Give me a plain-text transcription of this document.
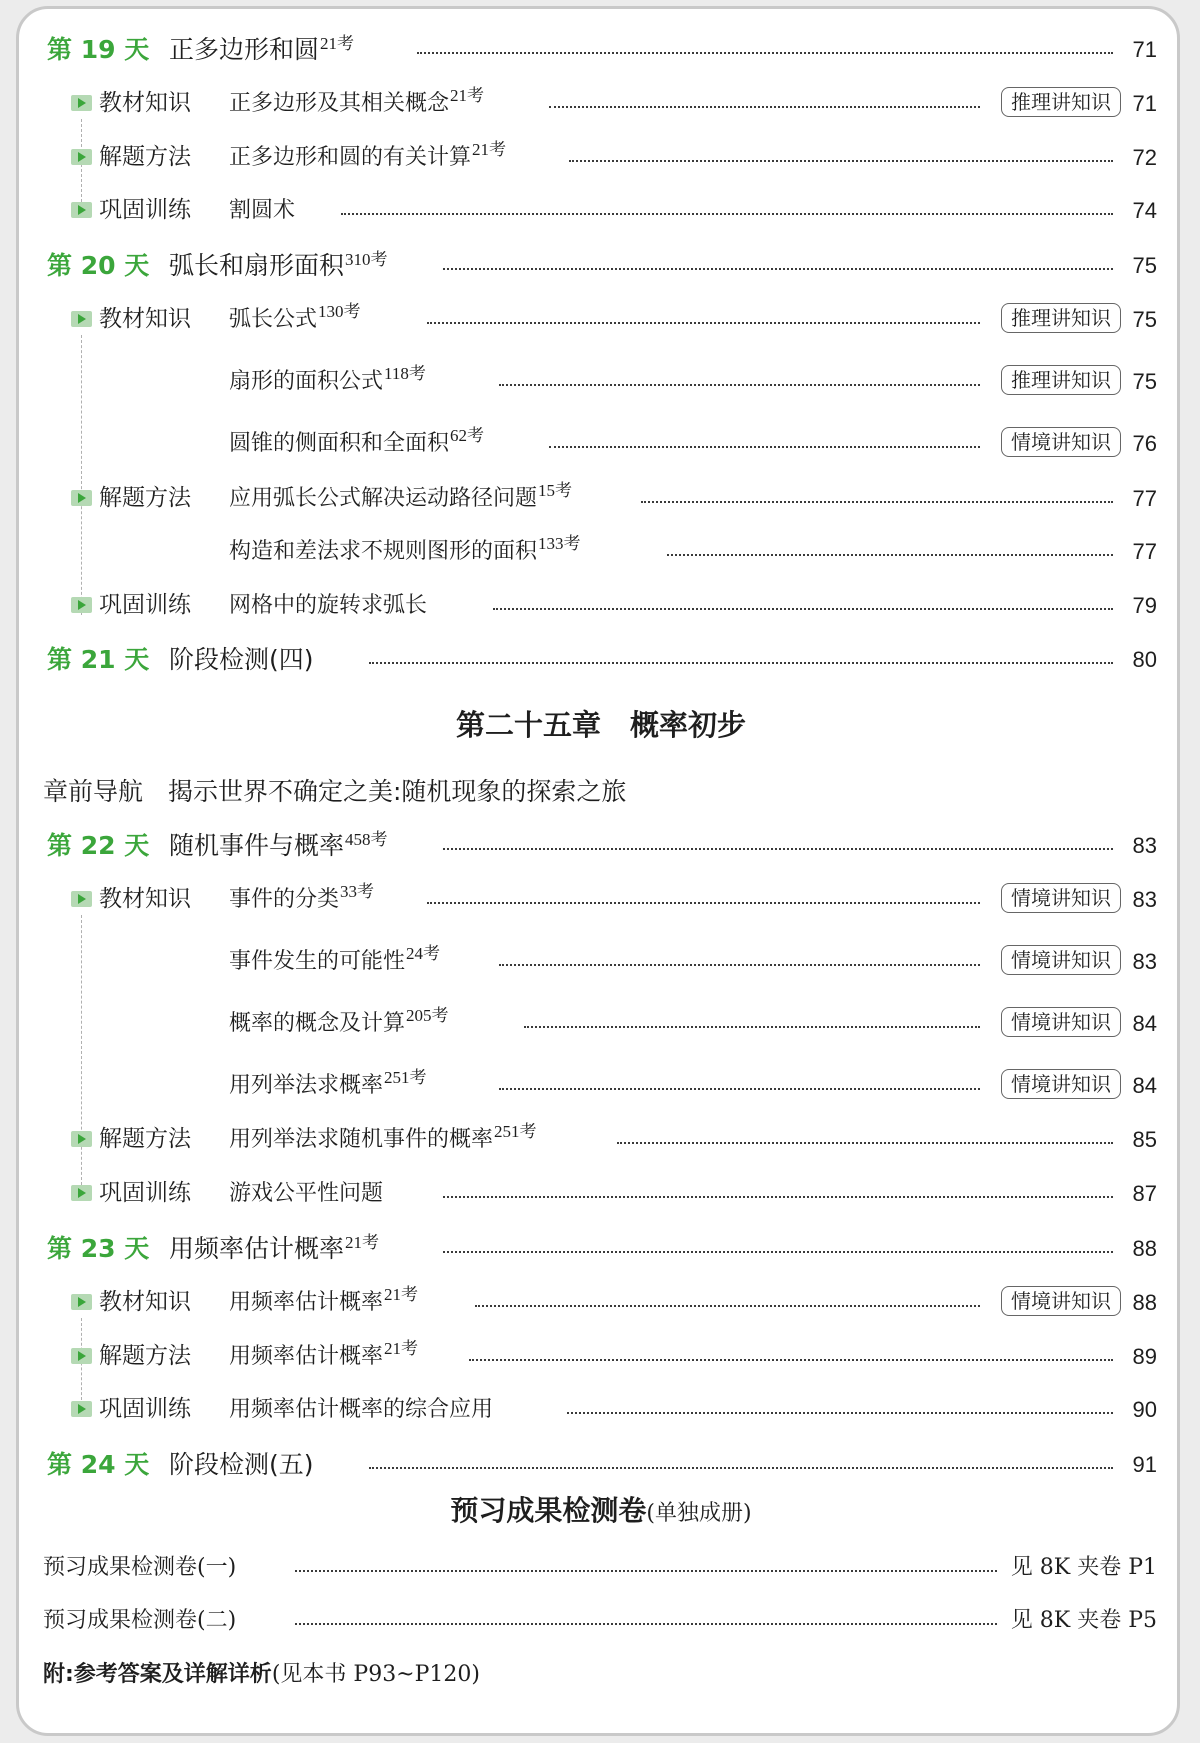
第 19 天 正多边形和圆$^{21考}$	71
教材知识 正多边形及其相关概念$^{21考}$	推理讲知识 71
解题方法 正多边形和圆的有关计算$^{21考}$	72
巩固训练 割圆术	74
第 20 天 弧长和扇形面积$^{310考}$	75
教材知识 弧长公式$^{130考}$	推理讲知识 75
扇形的面积公式$^{118考}$	推理讲知识 75
圆锥的侧面积和全面积$^{62考}$	情境讲知识 76
解题方法 应用弧长公式解决运动路径问题$^{15考}$	77
构造和差法求不规则图形的面积$^{133考}$	77
巩固训练 网格中的旋转求弧长	79
第 21 天 阶段检测(四)	80
第二十五章　概率初步
章前导航　揭示世界不确定之美:随机现象的探索之旅
第 22 天 随机事件与概率$^{458考}$	83
教材知识 事件的分类$^{33考}$	情境讲知识 83
事件发生的可能性$^{24考}$	情境讲知识 83
概率的概念及计算$^{205考}$	情境讲知识 84
用列举法求概率$^{251考}$	情境讲知识 84
解题方法 用列举法求随机事件的概率$^{251考}$	85
巩固训练 游戏公平性问题	87
第 23 天 用频率估计概率$^{21考}$	88
教材知识 用频率估计概率$^{21考}$	情境讲知识 88
解题方法 用频率估计概率$^{21考}$	89
巩固训练 用频率估计概率的综合应用	90
第 24 天 阶段检测(五)	91
预习成果检测卷(单独成册)
预习成果检测卷(一)	见 8K 夹卷 P1
预习成果检测卷(二)	见 8K 夹卷 P5
附:参考答案及详解详析(见本书 P93~P120)
